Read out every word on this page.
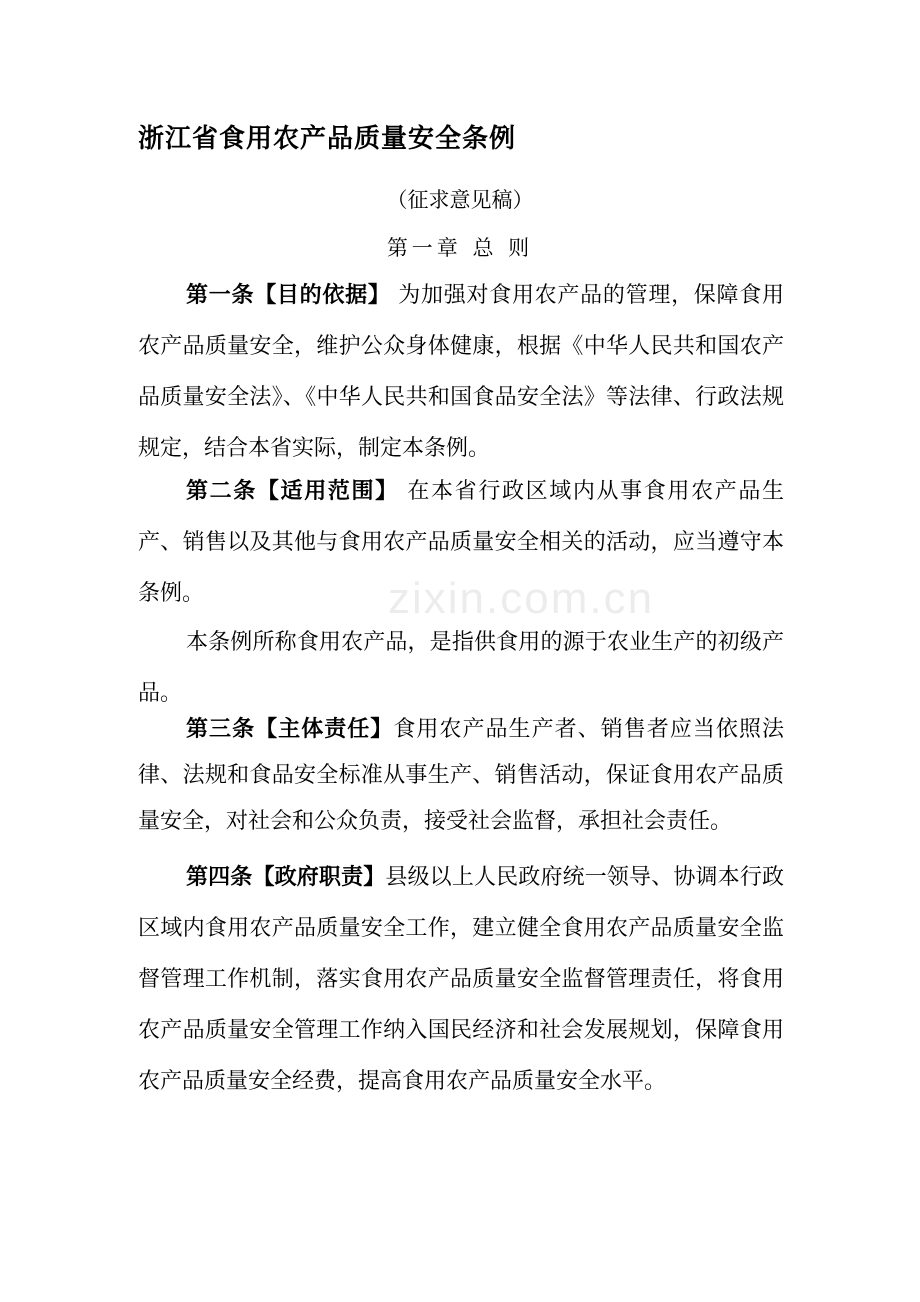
zixin.com.cn
浙江省食用农产品质量安全条例
（征求意见稿）
第一章 总 则

第一条【目的依据】 为加强对食用农产品的管理，保障食用农产品质量安全，维护公众身体健康，根据《中华人民共和国农产品质量安全法》、《中华人民共和国食品安全法》等法律、行政法规规定，结合本省实际，制定本条例。

第二条【适用范围】 在本省行政区域内从事食用农产品生产、销售以及其他与食用农产品质量安全相关的活动，应当遵守本条例。

本条例所称食用农产品，是指供食用的源于农业生产的初级产品。

第三条【主体责任】食用农产品生产者、销售者应当依照法律、法规和食品安全标准从事生产、销售活动，保证食用农产品质量安全，对社会和公众负责，接受社会监督，承担社会责任。

第四条【政府职责】县级以上人民政府统一领导、协调本行政区域内食用农产品质量安全工作，建立健全食用农产品质量安全监督管理工作机制，落实食用农产品质量安全监督管理责任，将食用农产品质量安全管理工作纳入国民经济和社会发展规划，保障食用农产品质量安全经费，提高食用农产品质量安全水平。
